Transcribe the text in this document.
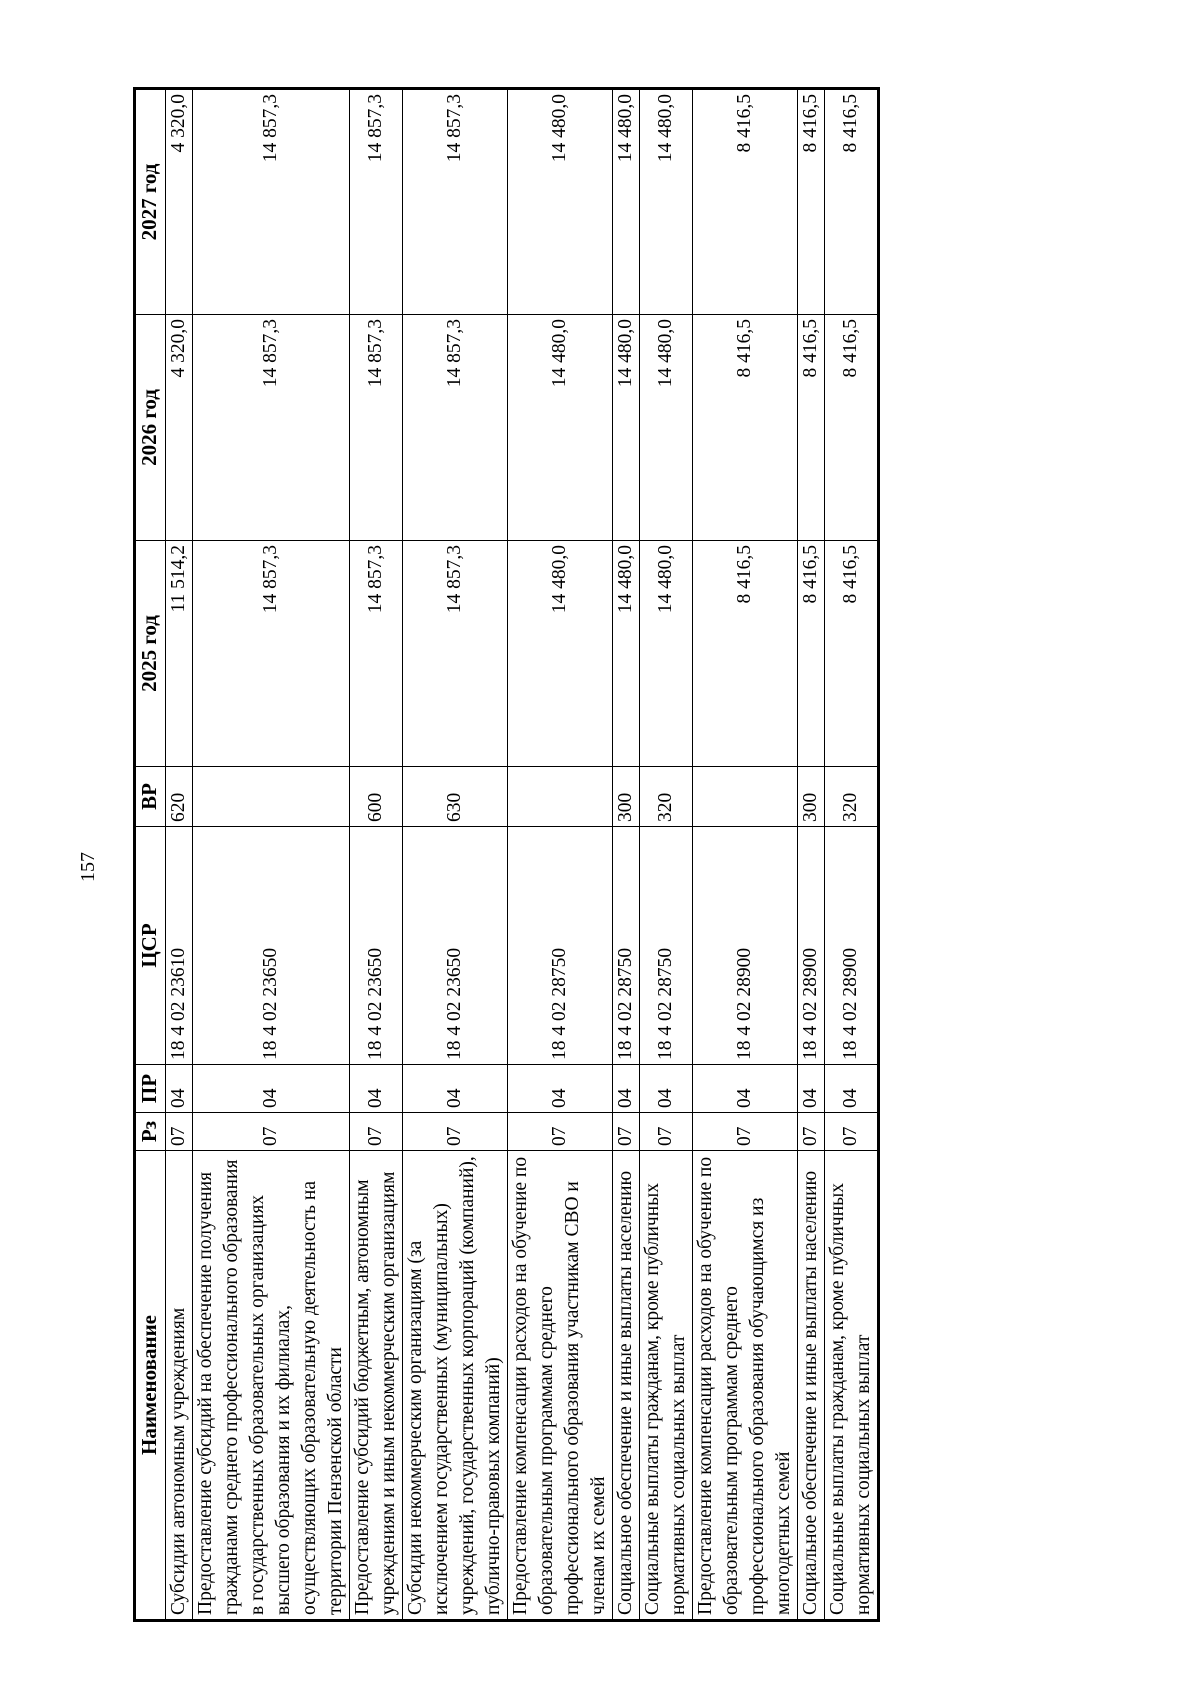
157
Наименование	Рз	ПР	ЦСР	ВР	2025 год	2026 год	2027 год
Субсидии автономным учреждениям	07	04	18 4 02 23610	620	11 514,2	4 320,0	4 320,0
Предоставление субсидий на обеспечение получения гражданами среднего профессионального образования в государственных образовательных организациях высшего образования и их филиалах, осуществляющих образовательную деятельность на территории Пензенской области	07	04	18 4 02 23650		14 857,3	14 857,3	14 857,3
Предоставление субсидий бюджетным, автономным учреждениям и иным некоммерческим организациям	07	04	18 4 02 23650	600	14 857,3	14 857,3	14 857,3
Субсидии некоммерческим организациям (за исключением государственных (муниципальных) учреждений, государственных корпораций (компаний), публично-правовых компаний)	07	04	18 4 02 23650	630	14 857,3	14 857,3	14 857,3
Предоставление компенсации расходов на обучение по образовательным программам среднего профессионального образования участникам СВО и членам их семей	07	04	18 4 02 28750		14 480,0	14 480,0	14 480,0
Социальное обеспечение и иные выплаты населению	07	04	18 4 02 28750	300	14 480,0	14 480,0	14 480,0
Социальные выплаты гражданам, кроме публичных нормативных социальных выплат	07	04	18 4 02 28750	320	14 480,0	14 480,0	14 480,0
Предоставление компенсации расходов на обучение по образовательным программам среднего профессионального образования обучающимся из многодетных семей	07	04	18 4 02 28900		8 416,5	8 416,5	8 416,5
Социальное обеспечение и иные выплаты населению	07	04	18 4 02 28900	300	8 416,5	8 416,5	8 416,5
Социальные выплаты гражданам, кроме публичных нормативных социальных выплат	07	04	18 4 02 28900	320	8 416,5	8 416,5	8 416,5
